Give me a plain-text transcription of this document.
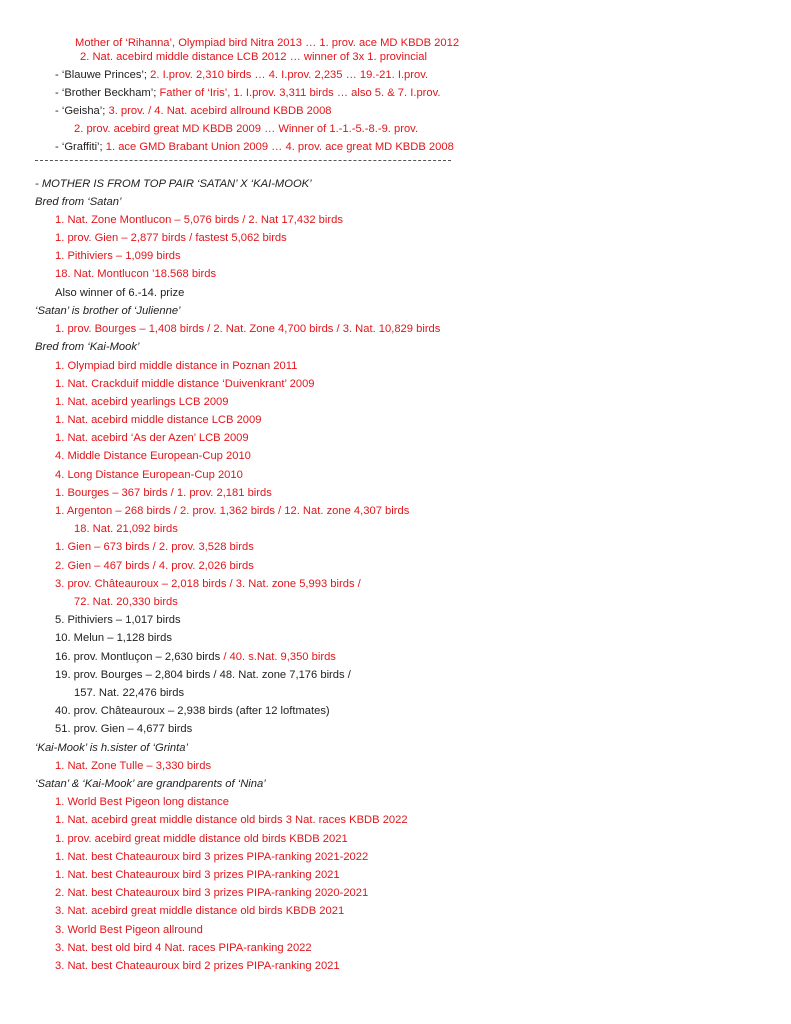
Mother of ‘Rihanna’, Olympiad bird Nitra 2013 … 1. prov. ace MD KBDB 2012
2. Nat. acebird middle distance LCB 2012 … winner of 3x 1. provincial
- ‘Blauwe Princes’; 2. I.prov. 2,310 birds … 4. I.prov. 2,235 … 19.-21. I.prov.
- ‘Brother Beckham’; Father of ‘Iris’, 1. I.prov. 3,311 birds … also 5. & 7. I.prov.
- ‘Geisha’; 3. prov. / 4. Nat. acebird allround KBDB 2008
2. prov. acebird great MD KBDB 2009 … Winner of 1.-1.-5.-8.-9. prov.
- ‘Graffiti’; 1. ace GMD Brabant Union 2009 … 4. prov. ace great MD KBDB 2008
- MOTHER IS FROM TOP PAIR ‘SATAN’ X ‘KAI-MOOK’
Bred from ‘Satan’
1. Nat. Zone Montlucon – 5,076 birds / 2. Nat 17,432 birds
1. prov. Gien – 2,877 birds / fastest 5,062 birds
1. Pithiviers – 1,099 birds
18. Nat. Montlucon ’18.568 birds
Also winner of 6.-14. prize
‘Satan’ is brother of ‘Julienne’
1. prov. Bourges – 1,408 birds / 2. Nat. Zone 4,700 birds / 3. Nat. 10,829 birds
Bred from ‘Kai-Mook’
1. Olympiad bird middle distance in Poznan 2011
1. Nat. Crackduif middle distance ‘Duivenkrant’ 2009
1. Nat. acebird yearlings LCB 2009
1. Nat. acebird middle distance LCB 2009
1. Nat. acebird ‘As der Azen’ LCB 2009
4. Middle Distance European-Cup 2010
4. Long Distance European-Cup 2010
1. Bourges – 367 birds / 1. prov. 2,181 birds
1. Argenton – 268 birds / 2. prov. 1,362 birds / 12. Nat. zone 4,307 birds
18. Nat. 21,092 birds
1. Gien – 673 birds / 2. prov. 3,528 birds
2. Gien – 467 birds / 4. prov. 2,026 birds
3. prov. Châteauroux – 2,018 birds / 3. Nat. zone 5,993 birds /
72. Nat. 20,330 birds
5. Pithiviers – 1,017 birds
10. Melun – 1,128 birds
16. prov. Montluçon – 2,630 birds / 40. s.Nat. 9,350 birds
19. prov. Bourges – 2,804 birds / 48. Nat. zone 7,176 birds /
157. Nat. 22,476 birds
40. prov. Châteauroux – 2,938 birds (after 12 loftmates)
51. prov. Gien – 4,677 birds
‘Kai-Mook’ is h.sister of ‘Grinta’
1. Nat. Zone Tulle – 3,330 birds
‘Satan’ & ‘Kai-Mook’ are grandparents of ‘Nina’
1. World Best Pigeon long distance
1. Nat. acebird great middle distance old birds 3 Nat. races KBDB 2022
1. prov. acebird great middle distance old birds KBDB 2021
1. Nat. best Chateauroux bird 3 prizes PIPA-ranking 2021-2022
1. Nat. best Chateauroux bird 3 prizes PIPA-ranking 2021
2. Nat. best Chateauroux bird 3 prizes PIPA-ranking 2020-2021
3. Nat. acebird great middle distance old birds KBDB 2021
3. World Best Pigeon allround
3. Nat. best old bird 4 Nat. races PIPA-ranking 2022
3. Nat. best Chateauroux bird 2 prizes PIPA-ranking 2021
